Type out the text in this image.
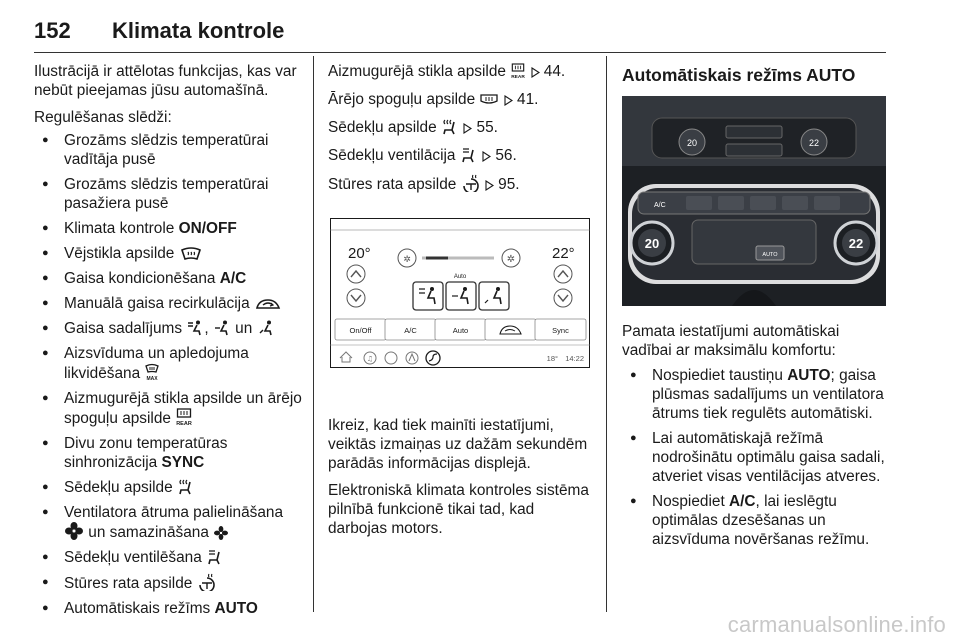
152 Klimata kontrole

Ilustrācijā ir attēlotas funkcijas, kas var nebūt pieejamas jūsu automašīnā.

Regulēšanas slēdži:

● Grozāms slēdzis temperatūrai vadītāja pusē
● Grozāms slēdzis temperatūrai pasažiera pusē
● Klimata kontrole ON/OFF
● Vējstikla apsilde
● Gaisa kondicionēšana A/C
● Manuālā gaisa recirkulācija
● Gaisa sadalījums
,
un
● Aizsvīduma un apledojuma likvidēšana MAX
● Aizmugurējā stikla apsilde un ārējo spoguļu apsilde REAR
● Divu zonu temperatūras sinhronizācija SYNC
● Sēdekļu apsilde
● Ventilatora ātruma palielināšana
un samazināšana
● Sēdekļu ventilēšana
● Stūres rata apsilde
● Automātiskais režīms AUTO

Aizmugurējā stikla apsilde REAR 44.

Ārējo spoguļu apsilde
41.

Sēdekļu apsilde
55.

Sēdekļu ventilācija
56.

Stūres rata apsilde
95.

20°	22°
✲	✲
Auto
On/Off	A/C	Auto	Sync
♫	18° 14:22

Ikreiz, kad tiek mainīti iestatījumi, veiktās izmaiņas uz dažām sekundēm parādās informācijas displejā.

Elektroniskā klimata kontroles sistēma pilnībā funkcionē tikai tad, kad darbojas motors.

Automātiskais režīms AUTO
20	22
A/C
20	22
AUTO

Pamata iestatījumi automātiskai vadībai ar maksimālu komfortu:

● Nospiediet taustiņu AUTO; gaisa plūsmas sadalījums un ventilatora ātrums tiek regulēts automātiski.
● Lai automātiskajā režīmā nodrošinātu optimālu gaisa sadali, atveriet visas ventilācijas atveres.
● Nospiediet A/C, lai ieslēgtu optimālas dzesēšanas un aizsvīduma novēršanas režīmu.
carmanualsonline.info
